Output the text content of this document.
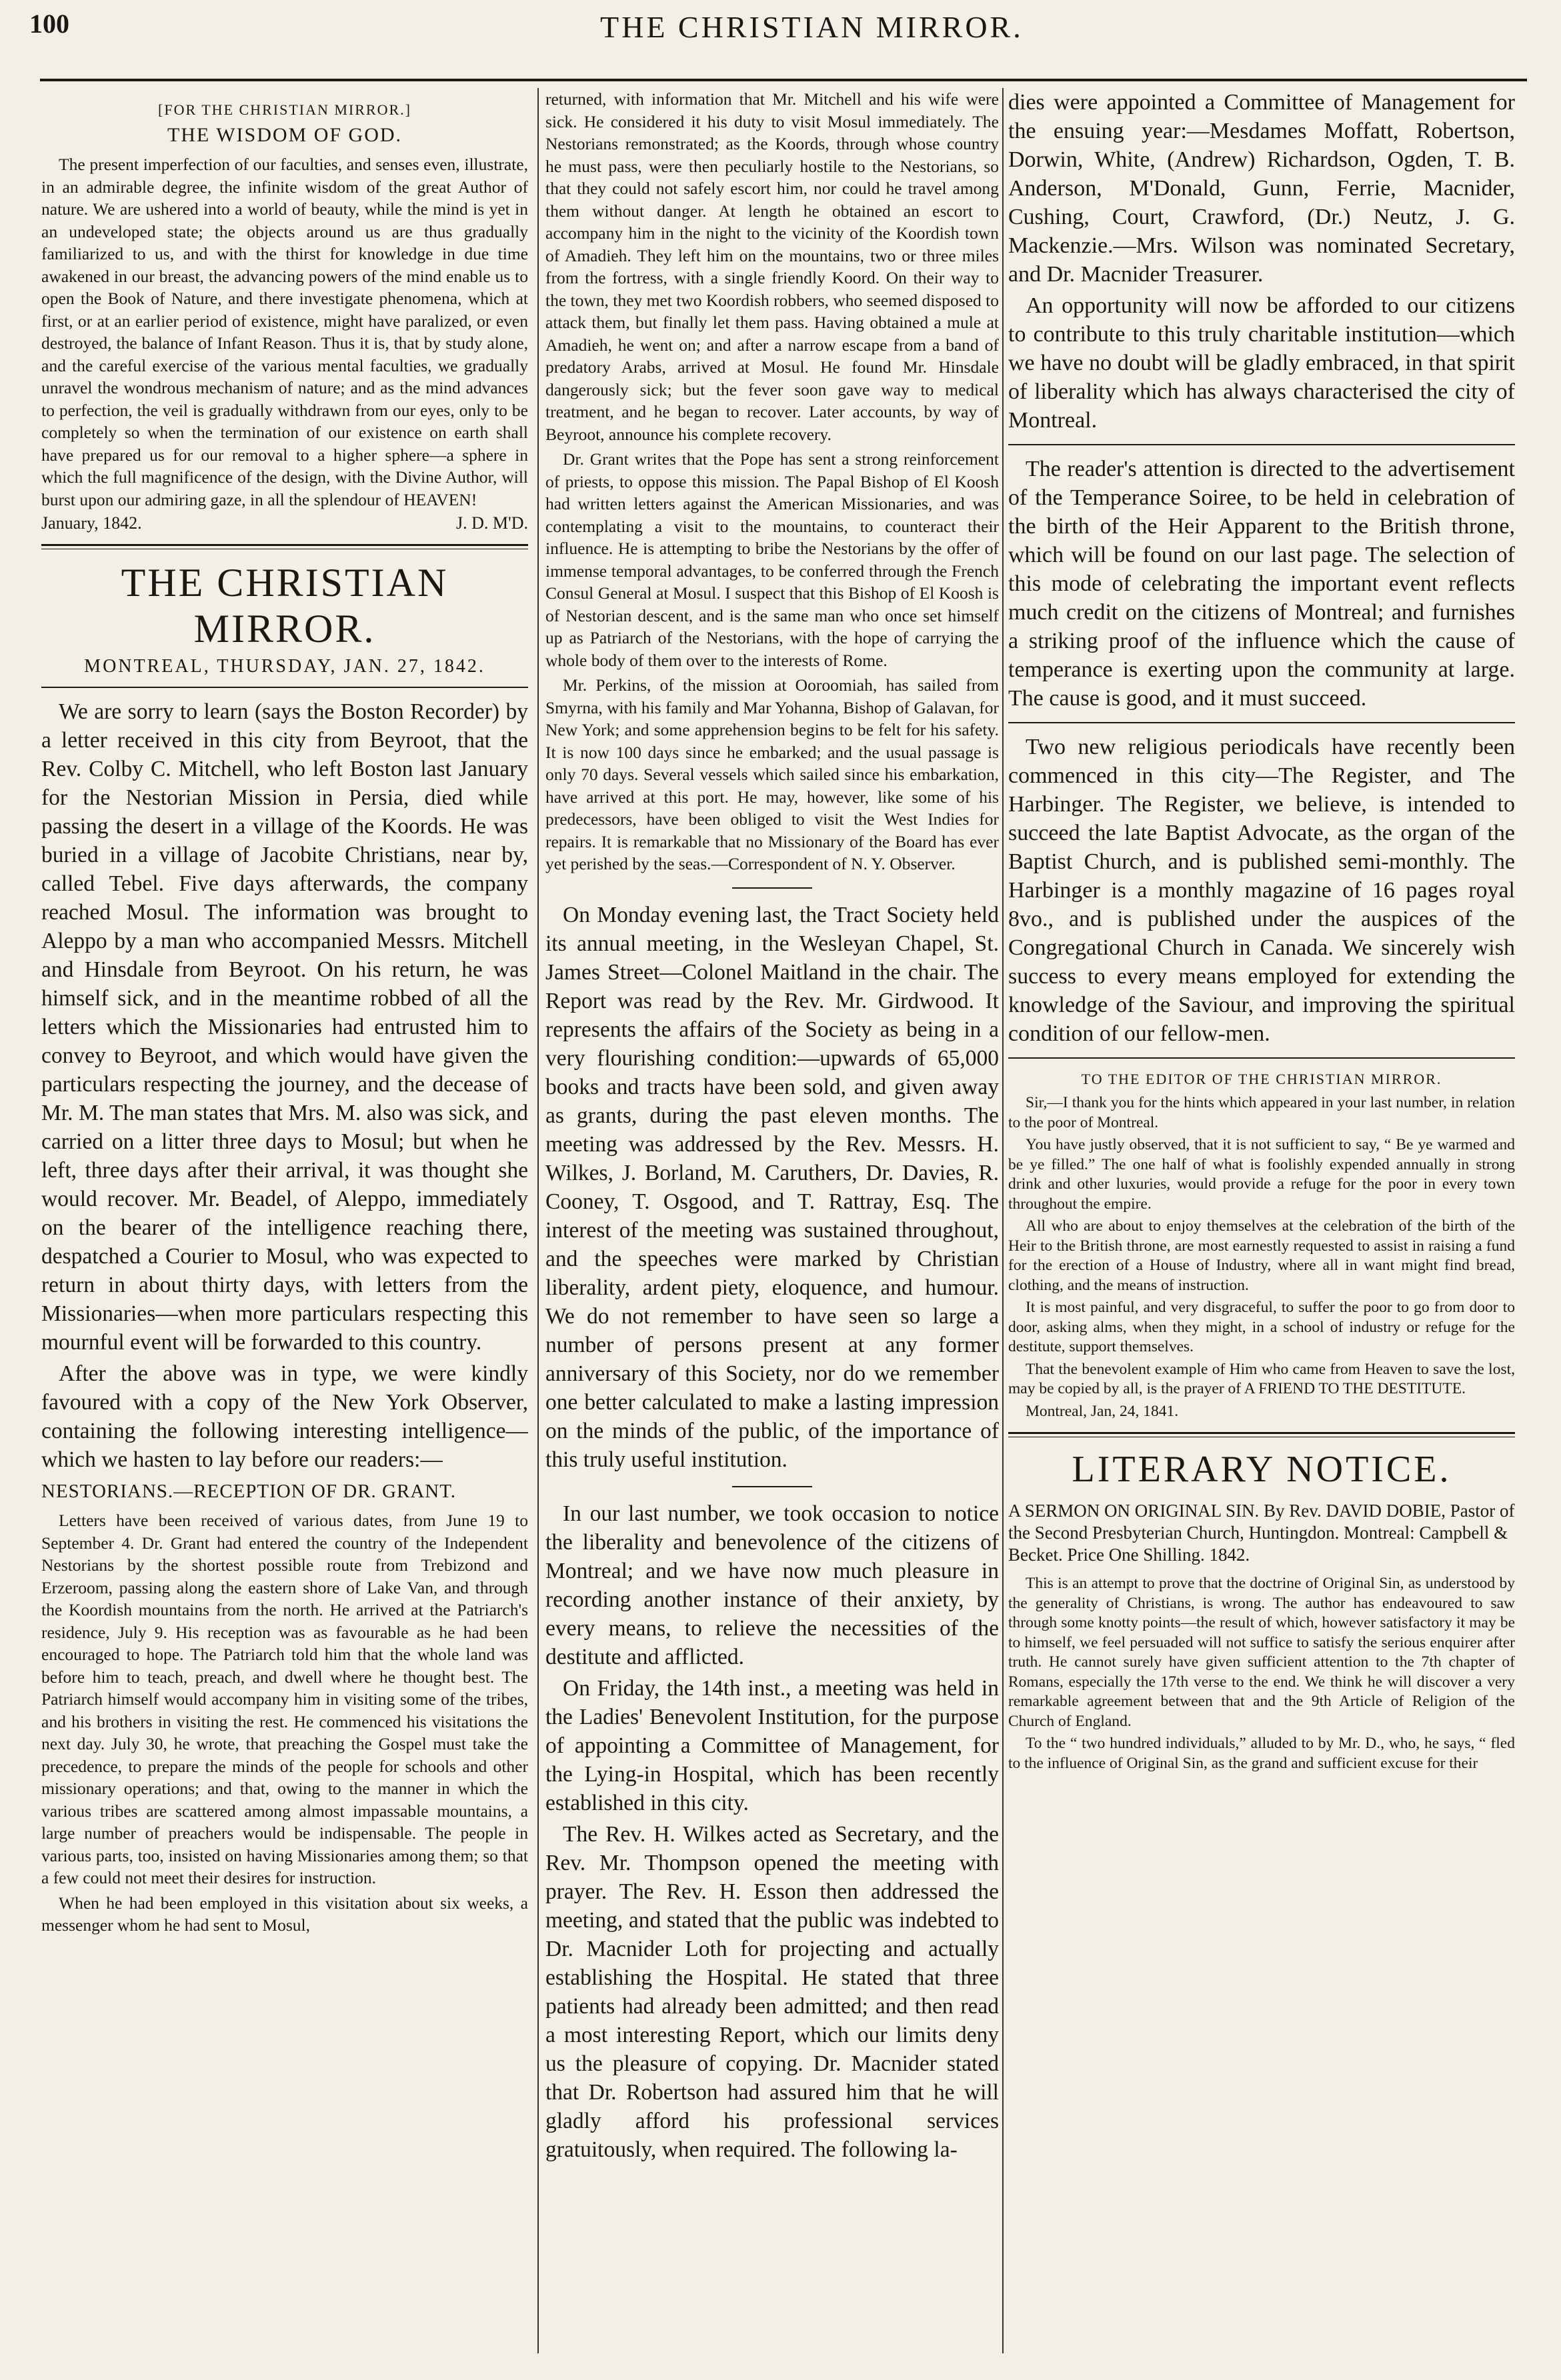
100	THE CHRISTIAN MIRROR.
[FOR THE CHRISTIAN MIRROR.]
THE WISDOM OF GOD.

The present imperfection of our faculties, and senses even, illustrate, in an admirable degree, the infinite wisdom of the great Author of nature. We are ushered into a world of beauty, while the mind is yet in an undeveloped state; the objects around us are thus gradually familiarized to us, and with the thirst for knowledge in due time awakened in our breast, the advancing powers of the mind enable us to open the Book of Nature, and there investigate phenomena, which at first, or at an earlier period of existence, might have paralized, or even destroyed, the balance of Infant Reason. Thus it is, that by study alone, and the careful exercise of the various mental faculties, we gradually unravel the wondrous mechanism of nature; and as the mind advances to perfection, the veil is gradually withdrawn from our eyes, only to be completely so when the termination of our existence on earth shall have prepared us for our removal to a higher sphere—a sphere in which the full magnificence of the design, with the Divine Author, will burst upon our admiring gaze, in all the splendour of HEAVEN!

January, 1842.	J. D. M'D.
THE CHRISTIAN MIRROR.
MONTREAL, THURSDAY, JAN. 27, 1842.

We are sorry to learn (says the Boston Recorder) by a letter received in this city from Beyroot, that the Rev. Colby C. Mitchell, who left Boston last January for the Nestorian Mission in Persia, died while passing the desert in a village of the Koords. He was buried in a village of Jacobite Christians, near by, called Tebel. Five days afterwards, the company reached Mosul. The information was brought to Aleppo by a man who accompanied Messrs. Mitchell and Hinsdale from Beyroot. On his return, he was himself sick, and in the meantime robbed of all the letters which the Missionaries had entrusted him to convey to Beyroot, and which would have given the particulars respecting the journey, and the decease of Mr. M. The man states that Mrs. M. also was sick, and carried on a litter three days to Mosul; but when he left, three days after their arrival, it was thought she would recover. Mr. Beadel, of Aleppo, immediately on the bearer of the intelligence reaching there, despatched a Courier to Mosul, who was expected to return in about thirty days, with letters from the Missionaries—when more particulars respecting this mournful event will be forwarded to this country.

After the above was in type, we were kindly favoured with a copy of the New York Observer, containing the following interesting intelligence—which we hasten to lay before our readers:—

NESTORIANS.—RECEPTION OF DR. GRANT.

Letters have been received of various dates, from June 19 to September 4. Dr. Grant had entered the country of the Independent Nestorians by the shortest possible route from Trebizond and Erzeroom, passing along the eastern shore of Lake Van, and through the Koordish mountains from the north. He arrived at the Patriarch's residence, July 9. His reception was as favourable as he had been encouraged to hope. The Patriarch told him that the whole land was before him to teach, preach, and dwell where he thought best. The Patriarch himself would accompany him in visiting some of the tribes, and his brothers in visiting the rest. He commenced his visitations the next day. July 30, he wrote, that preaching the Gospel must take the precedence, to prepare the minds of the people for schools and other missionary operations; and that, owing to the manner in which the various tribes are scattered among almost impassable mountains, a large number of preachers would be indispensable. The people in various parts, too, insisted on having Missionaries among them; so that a few could not meet their desires for instruction.

When he had been employed in this visitation about six weeks, a messenger whom he had sent to Mosul,

returned, with information that Mr. Mitchell and his wife were sick. He considered it his duty to visit Mosul immediately. The Nestorians remonstrated; as the Koords, through whose country he must pass, were then peculiarly hostile to the Nestorians, so that they could not safely escort him, nor could he travel among them without danger. At length he obtained an escort to accompany him in the night to the vicinity of the Koordish town of Amadieh. They left him on the mountains, two or three miles from the fortress, with a single friendly Koord. On their way to the town, they met two Koordish robbers, who seemed disposed to attack them, but finally let them pass. Having obtained a mule at Amadieh, he went on; and after a narrow escape from a band of predatory Arabs, arrived at Mosul. He found Mr. Hinsdale dangerously sick; but the fever soon gave way to medical treatment, and he began to recover. Later accounts, by way of Beyroot, announce his complete recovery.

Dr. Grant writes that the Pope has sent a strong reinforcement of priests, to oppose this mission. The Papal Bishop of El Koosh had written letters against the American Missionaries, and was contemplating a visit to the mountains, to counteract their influence. He is attempting to bribe the Nestorians by the offer of immense temporal advantages, to be conferred through the French Consul General at Mosul. I suspect that this Bishop of El Koosh is of Nestorian descent, and is the same man who once set himself up as Patriarch of the Nestorians, with the hope of carrying the whole body of them over to the interests of Rome.

Mr. Perkins, of the mission at Ooroomiah, has sailed from Smyrna, with his family and Mar Yohanna, Bishop of Galavan, for New York; and some apprehension begins to be felt for his safety. It is now 100 days since he embarked; and the usual passage is only 70 days. Several vessels which sailed since his embarkation, have arrived at this port. He may, however, like some of his predecessors, have been obliged to visit the West Indies for repairs. It is remarkable that no Missionary of the Board has ever yet perished by the seas.—Correspondent of N. Y. Observer.

On Monday evening last, the Tract Society held its annual meeting, in the Wesleyan Chapel, St. James Street—Colonel Maitland in the chair. The Report was read by the Rev. Mr. Girdwood. It represents the affairs of the Society as being in a very flourishing condition:—upwards of 65,000 books and tracts have been sold, and given away as grants, during the past eleven months. The meeting was addressed by the Rev. Messrs. H. Wilkes, J. Borland, M. Caruthers, Dr. Davies, R. Cooney, T. Osgood, and T. Rattray, Esq. The interest of the meeting was sustained throughout, and the speeches were marked by Christian liberality, ardent piety, eloquence, and humour. We do not remember to have seen so large a number of persons present at any former anniversary of this Society, nor do we remember one better calculated to make a lasting impression on the minds of the public, of the importance of this truly useful institution.

In our last number, we took occasion to notice the liberality and benevolence of the citizens of Montreal; and we have now much pleasure in recording another instance of their anxiety, by every means, to relieve the necessities of the destitute and afflicted.

On Friday, the 14th inst., a meeting was held in the Ladies' Benevolent Institution, for the purpose of appointing a Committee of Management, for the Lying-in Hospital, which has been recently established in this city.

The Rev. H. Wilkes acted as Secretary, and the Rev. Mr. Thompson opened the meeting with prayer. The Rev. H. Esson then addressed the meeting, and stated that the public was indebted to Dr. Macnider Loth for projecting and actually establishing the Hospital. He stated that three patients had already been admitted; and then read a most interesting Report, which our limits deny us the pleasure of copying. Dr. Macnider stated that Dr. Robertson had assured him that he will gladly afford his professional services gratuitously, when required. The following la-

dies were appointed a Committee of Management for the ensuing year:—Mesdames Moffatt, Robertson, Dorwin, White, (Andrew) Richardson, Ogden, T. B. Anderson, M'Donald, Gunn, Ferrie, Macnider, Cushing, Court, Crawford, (Dr.) Neutz, J. G. Mackenzie.—Mrs. Wilson was nominated Secretary, and Dr. Macnider Treasurer.

An opportunity will now be afforded to our citizens to contribute to this truly charitable institution—which we have no doubt will be gladly embraced, in that spirit of liberality which has always characterised the city of Montreal.

The reader's attention is directed to the advertisement of the Temperance Soiree, to be held in celebration of the birth of the Heir Apparent to the British throne, which will be found on our last page. The selection of this mode of celebrating the important event reflects much credit on the citizens of Montreal; and furnishes a striking proof of the influence which the cause of temperance is exerting upon the community at large. The cause is good, and it must succeed.

Two new religious periodicals have recently been commenced in this city—The Register, and The Harbinger. The Register, we believe, is intended to succeed the late Baptist Advocate, as the organ of the Baptist Church, and is published semi-monthly. The Harbinger is a monthly magazine of 16 pages royal 8vo., and is published under the auspices of the Congregational Church in Canada. We sincerely wish success to every means employed for extending the knowledge of the Saviour, and improving the spiritual condition of our fellow-men.

TO THE EDITOR OF THE CHRISTIAN MIRROR.

Sir,—I thank you for the hints which appeared in your last number, in relation to the poor of Montreal.

You have justly observed, that it is not sufficient to say, “ Be ye warmed and be ye filled.” The one half of what is foolishly expended annually in strong drink and other luxuries, would provide a refuge for the poor in every town throughout the empire.

All who are about to enjoy themselves at the celebration of the birth of the Heir to the British throne, are most earnestly requested to assist in raising a fund for the erection of a House of Industry, where all in want might find bread, clothing, and the means of instruction.

It is most painful, and very disgraceful, to suffer the poor to go from door to door, asking alms, when they might, in a school of industry or refuge for the destitute, support themselves.

That the benevolent example of Him who came from Heaven to save the lost, may be copied by all, is the prayer of A FRIEND TO THE DESTITUTE.

Montreal, Jan, 24, 1841.

LITERARY NOTICE.
A SERMON ON ORIGINAL SIN. By Rev. DAVID DOBIE, Pastor of the Second Presbyterian Church, Huntingdon. Montreal: Campbell & Becket. Price One Shilling. 1842.

This is an attempt to prove that the doctrine of Original Sin, as understood by the generality of Christians, is wrong. The author has endeavoured to saw through some knotty points—the result of which, however satisfactory it may be to himself, we feel persuaded will not suffice to satisfy the serious enquirer after truth. He cannot surely have given sufficient attention to the 7th chapter of Romans, especially the 17th verse to the end. We think he will discover a very remarkable agreement between that and the 9th Article of Religion of the Church of England.

To the “ two hundred individuals,” alluded to by Mr. D., who, he says, “ fled to the influence of Original Sin, as the grand and sufficient excuse for their
